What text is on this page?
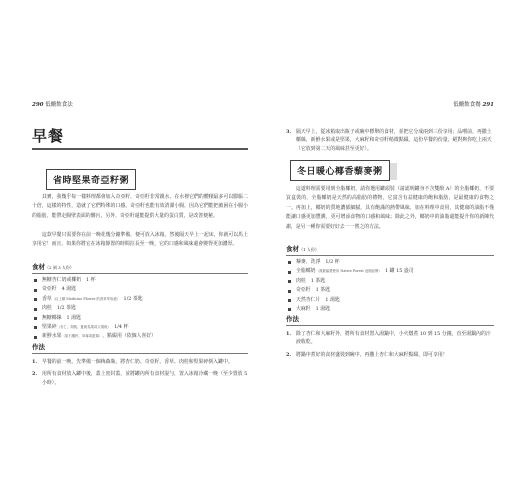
290 低醣飲食法
早餐
省時堅果奇亞籽粥
　　其實，我幾乎每一樣料理都會加入奇亞籽，奇亞籽非常親水，在水裡它們的體積最多可以膨脹二十倍，這樣的特性，造就了它們特殊的口感。奇亞籽也能有效清潔小腸，因為它們能把被困在小腸小的脂肪，能帶走腸壁表面的髒污，另外，奇亞籽還能提供大量的蛋白質，是改善便秘。
　　這款早餐只需要你在前一晚花幾分鐘準備，便可放入冰箱。然後隔天早上一起床，你就可以馬上享用它！而且，如果你將它在冰箱靜置的時間拉長至一晚，它的口感和風味還會變得更加濃厚。
食材（2 到 3 人份）
無糖杏仁奶或椰奶　 1 杯
奇亞籽　 4 湯匙
香草（紅上顆 Medicine Flower 的香草萃取液）　 1/2 茶匙
肉桂　 1/2 茶匙
無糖椰絲　 1 湯匙
堅果碎（杏仁、胡桃、夏威夷果或大胡桃）　 1/4 杯
新鮮水果（如石榴籽、草莓或藍莓），點綴用（依個人喜好）
作法
1. 早餐的前一晚，先準備一個梅森瓶，將杏仁奶、奇亞籽、香草、肉桂和堅果碎倒入罐中。
2. 用所有食材放入罐中後，蓋上密封蓋，並將罐內所有食材混勻，置入冰箱冷藏一晚（至少置放 5 小時）。
低醣飲食餐 291
3. 隔天早上，從冰箱取出瓶子或碗中標舉的食材，並把它分成兩到三份享用；品嚐前，再撒上椰絲，新鮮水果或是堅果，大麻籽和奇亞籽稍微點綴。這份早餐的份量，絕對夠你吃上兩天（它放到第二天的風味甚至更好）。
冬日暖心椰香藜麥粥
　　這道料理需要用到全脂椰奶，請你選用罐頭裝（請認明罐身不含雙酚 A）的全脂椰奶，不要買盒裝的，全脂椰奶是天然的高脂肪的禮物，它富含有益健康的飽和脂肪，是最健康的食物之一。再加上，椰奶的質地濃郁細膩，具有飽滿的熱帶風味，加在料理中食用，其健康的油脂不僅能讓口感更加豐潤，更可增添食物的口感和風味；除此之外，椰奶中的油脂還能提升你的新陳代謝，是另一種你需要好好去一一嘗之的方法。
食材（1 人份）
藜麥，洗淨　 1/2 杯
全脂椰奶（我最偏愛使用 Native Forest 這個品牌）　 1 罐 15 盎司
肉桂　 1 茶匙
奇亞籽　 1 茶匙
天然杏仁片　 1 湯匙
大麻籽　 1 湯匙
作法
1. 除了杏仁和大麻籽外，將所有食材置入湯鍋中，小火燉煮 10 到 15 分鐘，直至湯鍋內的汁液收乾。
2. 將鍋中煮好的食材盛裝到碗中，再撒上杏仁和大麻籽點綴，即可享用！
